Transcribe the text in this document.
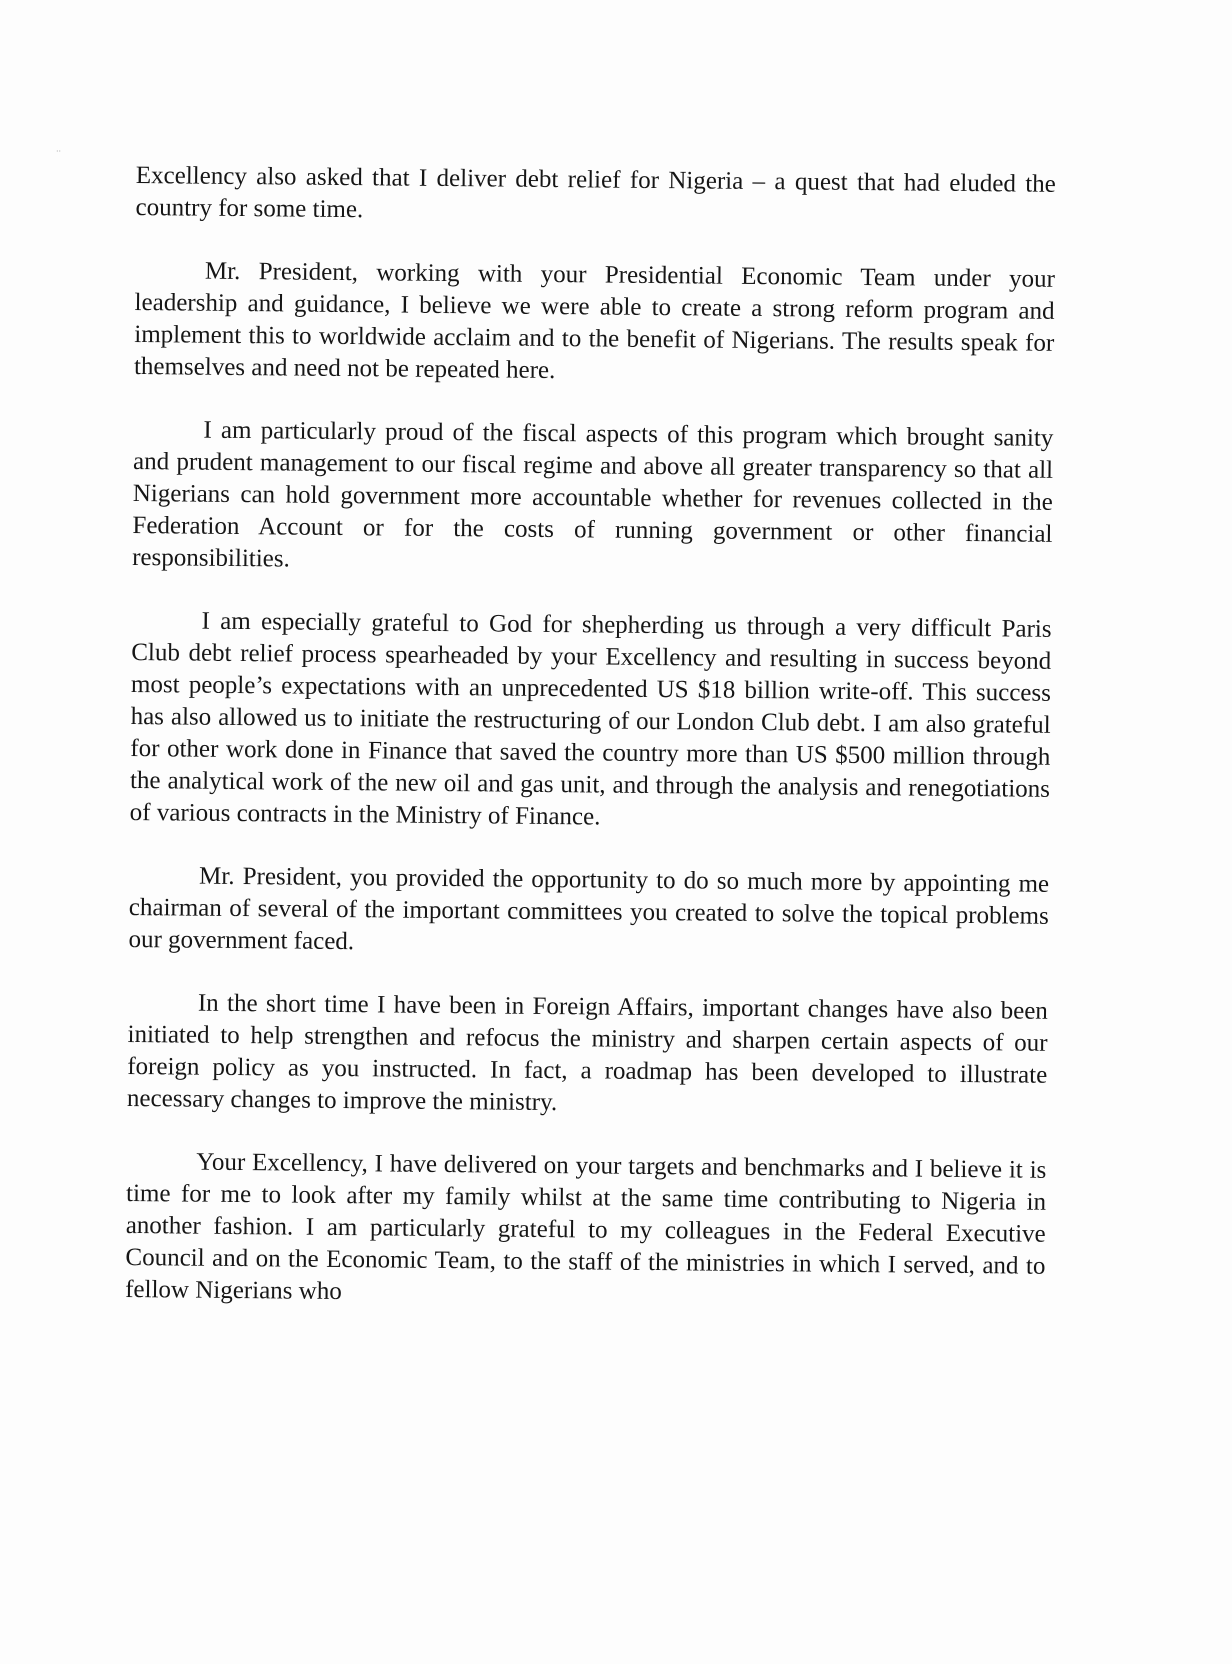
··

Excellency also asked that I deliver debt relief for Nigeria – a quest that had eluded the country for some time.

Mr. President, working with your Presidential Economic Team under your leadership and guidance, I believe we were able to create a strong reform program and implement this to worldwide acclaim and to the benefit of Nigerians. The results speak for themselves and need not be repeated here.

I am particularly proud of the fiscal aspects of this program which brought sanity and prudent management to our fiscal regime and above all greater transparency so that all Nigerians can hold government more accountable whether for revenues collected in the Federation Account or for the costs of running government or other financial responsibilities.

I am especially grateful to God for shepherding us through a very difficult Paris Club debt relief process spearheaded by your Excellency and resulting in success beyond most people’s expectations with an unprecedented US $18 billion write-off. This success has also allowed us to initiate the restructuring of our London Club debt. I am also grateful for other work done in Finance that saved the country more than US $500 million through the analytical work of the new oil and gas unit, and through the analysis and renegotiations of various contracts in the Ministry of Finance.

Mr. President, you provided the opportunity to do so much more by appointing me chairman of several of the important committees you created to solve the topical problems our government faced.

In the short time I have been in Foreign Affairs, important changes have also been initiated to help strengthen and refocus the ministry and sharpen certain aspects of our foreign policy as you instructed. In fact, a roadmap has been developed to illustrate necessary changes to improve the ministry.

Your Excellency, I have delivered on your targets and benchmarks and I believe it is time for me to look after my family whilst at the same time contributing to Nigeria in another fashion. I am particularly grateful to my colleagues in the Federal Executive Council and on the Economic Team, to the staff of the ministries in which I served, and to fellow Nigerians who
